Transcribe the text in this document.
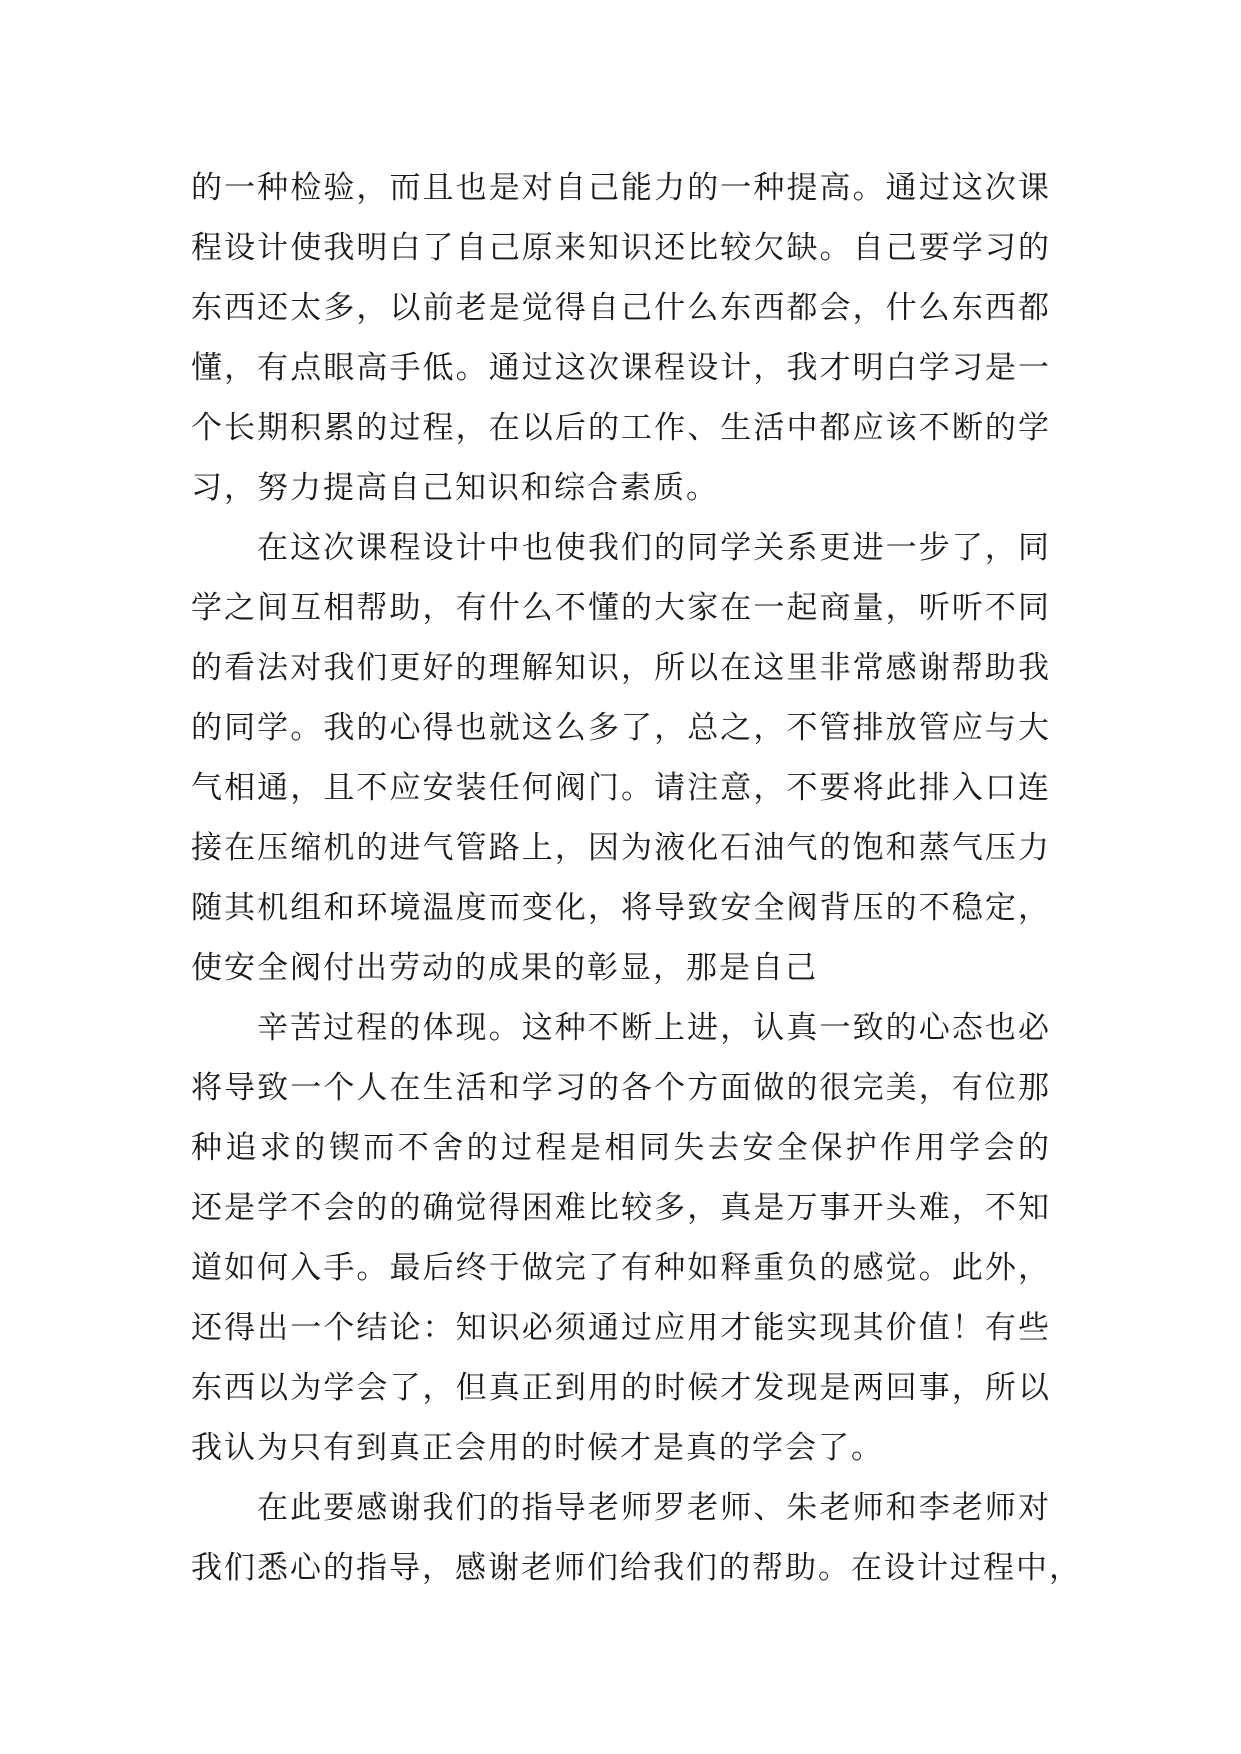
的一种检验，而且也是对自己能力的一种提高。通过这次课
程设计使我明白了自己原来知识还比较欠缺。自己要学习的
东西还太多，以前老是觉得自己什么东西都会，什么东西都
懂，有点眼高手低。通过这次课程设计，我才明白学习是一
个长期积累的过程，在以后的工作、生活中都应该不断的学
习，努力提高自己知识和综合素质。
在这次课程设计中也使我们的同学关系更进一步了，同
学之间互相帮助，有什么不懂的大家在一起商量，听听不同
的看法对我们更好的理解知识，所以在这里非常感谢帮助我
的同学。我的心得也就这么多了，总之，不管排放管应与大
气相通，且不应安装任何阀门。请注意，不要将此排入口连
接在压缩机的进气管路上，因为液化石油气的饱和蒸气压力
随其机组和环境温度而变化，将导致安全阀背压的不稳定，
使安全阀付出劳动的成果的彰显，那是自己
辛苦过程的体现。这种不断上进，认真一致的心态也必
将导致一个人在生活和学习的各个方面做的很完美，有位那
种追求的锲而不舍的过程是相同失去安全保护作用学会的
还是学不会的的确觉得困难比较多，真是万事开头难，不知
道如何入手。最后终于做完了有种如释重负的感觉。此外，
还得出一个结论：知识必须通过应用才能实现其价值！有些
东西以为学会了，但真正到用的时候才发现是两回事，所以
我认为只有到真正会用的时候才是真的学会了。
在此要感谢我们的指导老师罗老师、朱老师和李老师对
我们悉心的指导，感谢老师们给我们的帮助。在设计过程中，
